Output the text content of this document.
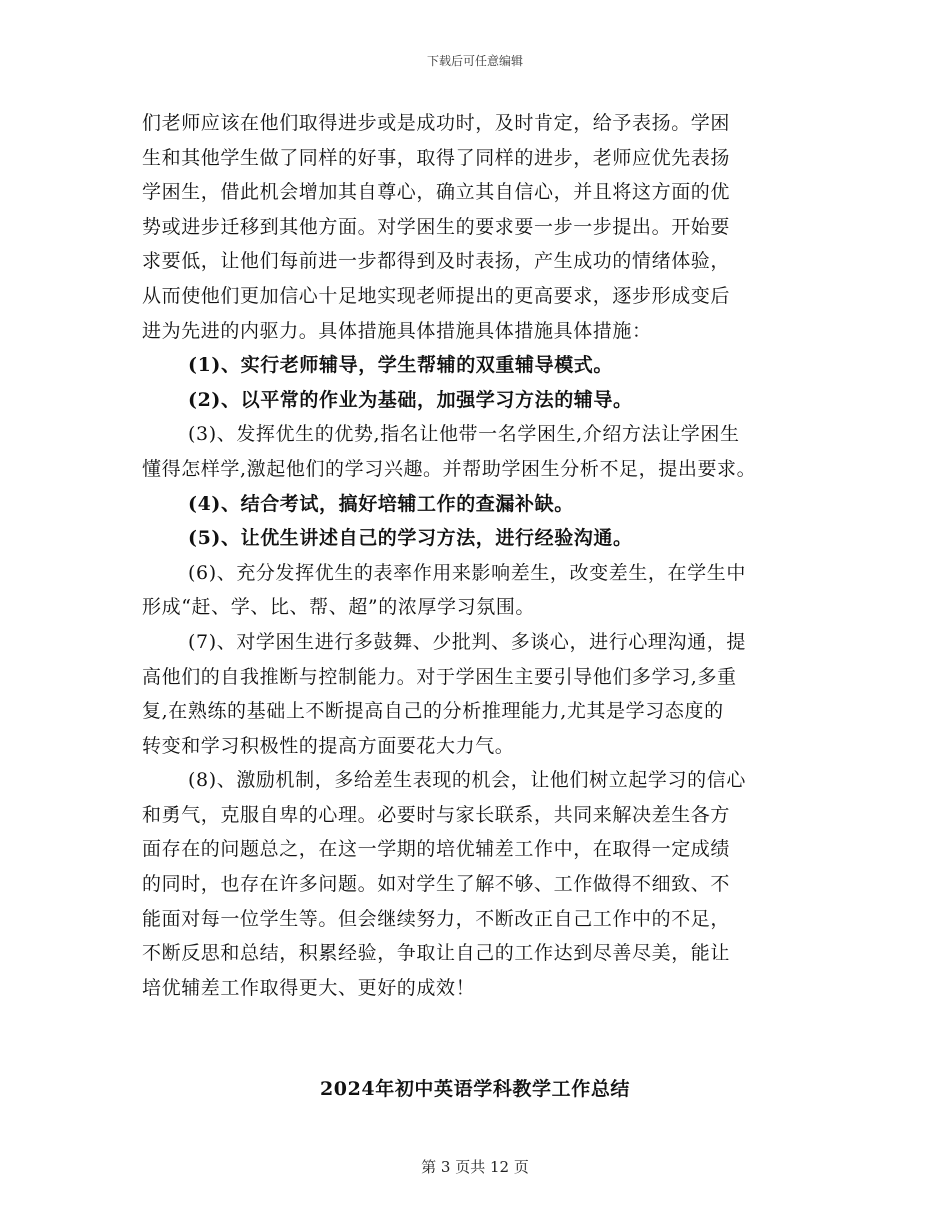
下载后可任意编辑
们老师应该在他们取得进步或是成功时，及时肯定，给予表扬。学困
生和其他学生做了同样的好事，取得了同样的进步，老师应优先表扬
学困生，借此机会增加其自尊心，确立其自信心，并且将这方面的优
势或进步迁移到其他方面。对学困生的要求要一步一步提出。开始要
求要低，让他们每前进一步都得到及时表扬，产生成功的情绪体验，
从而使他们更加信心十足地实现老师提出的更高要求，逐步形成变后
进为先进的内驱力。具体措施具体措施具体措施具体措施：
(1)、实行老师辅导，学生帮辅的双重辅导模式。
(2)、以平常的作业为基础，加强学习方法的辅导。
(3)、发挥优生的优势,指名让他带一名学困生,介绍方法让学困生
懂得怎样学,激起他们的学习兴趣。并帮助学困生分析不足，提出要求。
(4)、结合考试，搞好培辅工作的查漏补缺。
(5)、让优生讲述自己的学习方法，进行经验沟通。
(6)、充分发挥优生的表率作用来影响差生，改变差生，在学生中
形成“赶、学、比、帮、超”的浓厚学习氛围。
(7)、对学困生进行多鼓舞、少批判、多谈心，进行心理沟通，提
高他们的自我推断与控制能力。对于学困生主要引导他们多学习,多重
复,在熟练的基础上不断提高自己的分析推理能力,尤其是学习态度的
转变和学习积极性的提高方面要花大力气。
(8)、激励机制，多给差生表现的机会，让他们树立起学习的信心
和勇气，克服自卑的心理。必要时与家长联系，共同来解决差生各方
面存在的问题总之，在这一学期的培优辅差工作中，在取得一定成绩
的同时，也存在许多问题。如对学生了解不够、工作做得不细致、不
能面对每一位学生等。但会继续努力，不断改正自己工作中的不足，
不断反思和总结，积累经验，争取让自己的工作达到尽善尽美，能让
培优辅差工作取得更大、更好的成效！
2024年初中英语学科教学工作总结
第 3 页共 12 页
